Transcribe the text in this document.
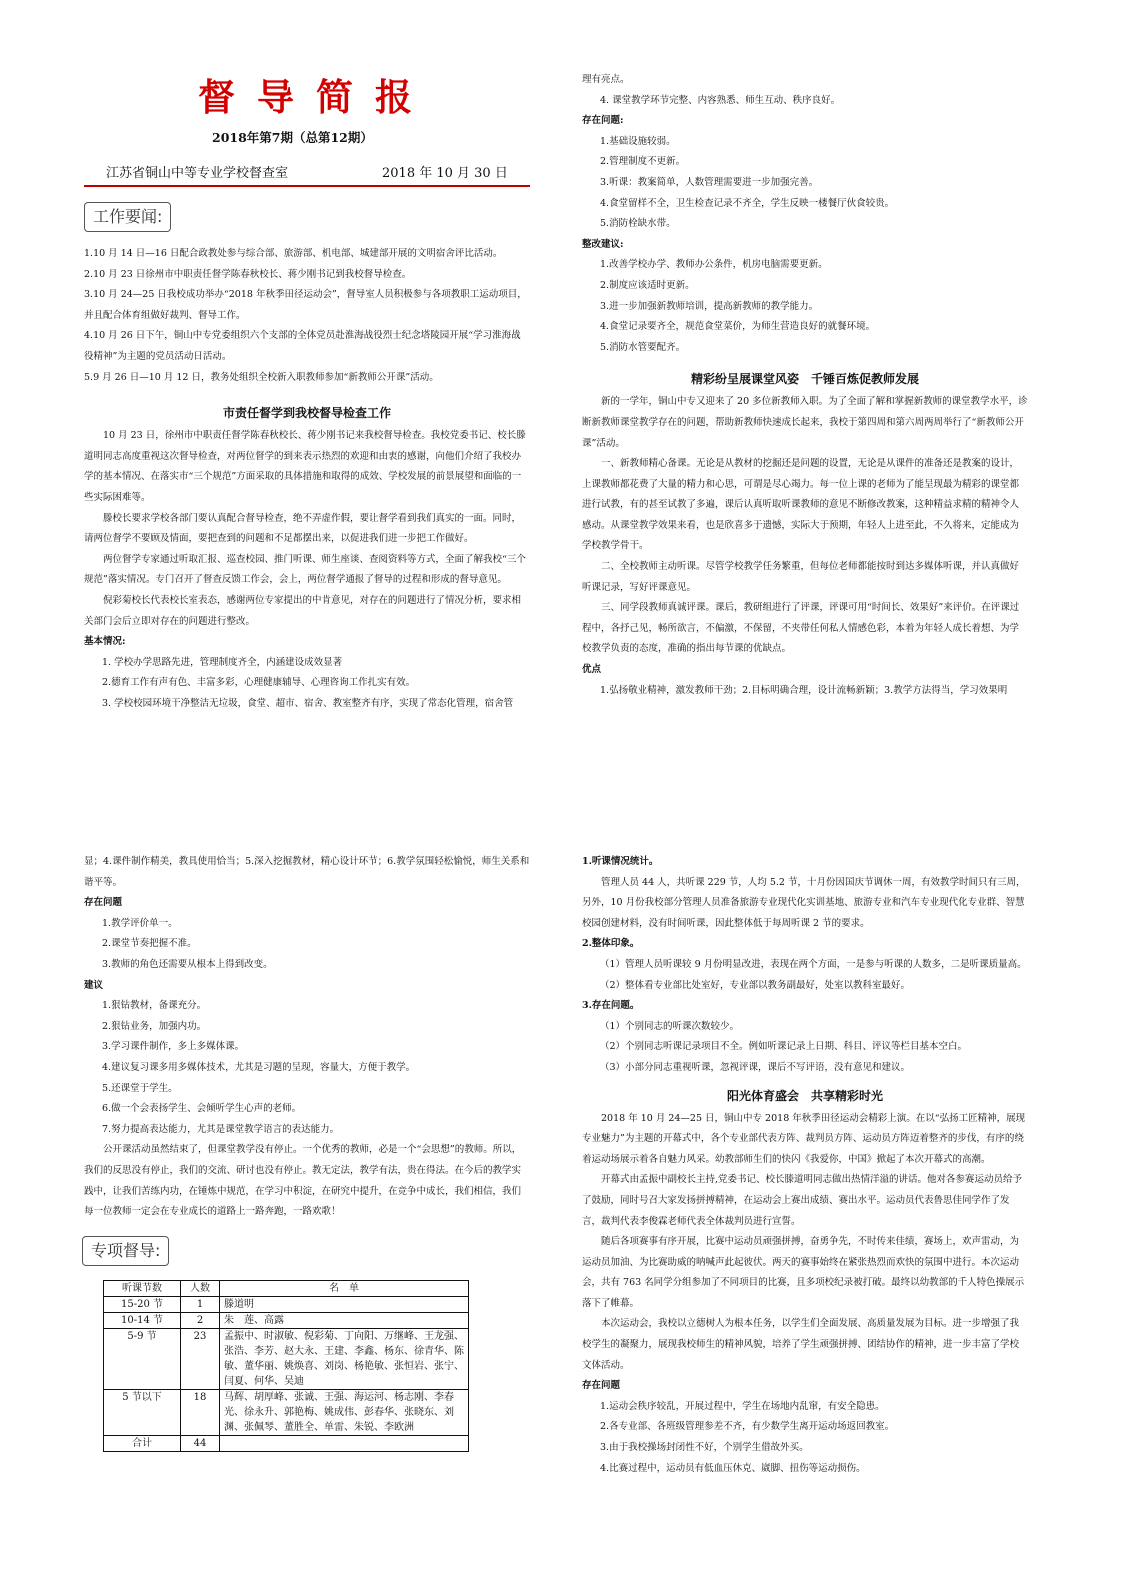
督导简报
2018年第7期（总第12期）
江苏省铜山中等专业学校督查室	2018 年 10 月 30 日
工作要闻:

1.10 月 14 日—16 日配合政教处参与综合部、旅游部、机电部、城建部开展的文明宿舍评比活动。

2.10 月 23 日徐州市中职责任督学陈春秋校长、蒋少刚书记到我校督导检查。

3.10 月 24—25 日我校成功举办“2018 年秋季田径运动会”，督导室人员积极参与各项教职工运动项目，并且配合体育组做好裁判、督导工作。

4.10 月 26 日下午，铜山中专党委组织六个支部的全体党员赴淮海战役烈士纪念塔陵园开展“学习淮海战役精神”为主题的党员活动日活动。

5.9 月 26 日—10 月 12 日，教务处组织全校新入职教师参加“新教师公开课”活动。

市责任督学到我校督导检查工作

10 月 23 日，徐州市中职责任督学陈春秋校长、蒋少刚书记来我校督导检查。我校党委书记、校长滕道明同志高度重视这次督导检查，对两位督学的到来表示热烈的欢迎和由衷的感谢，向他们介绍了我校办学的基本情况、在落实市“三个规范”方面采取的具体措施和取得的成效、学校发展的前景展望和面临的一些实际困难等。

滕校长要求学校各部门要认真配合督导检查，绝不弄虚作假，要让督学看到我们真实的一面。同时，请两位督学不要顾及情面，要把查到的问题和不足都摆出来，以促进我们进一步把工作做好。

两位督学专家通过听取汇报、巡查校园、推门听课、师生座谈、查阅资料等方式，全面了解我校“三个规范”落实情况。专门召开了督查反馈工作会，会上，两位督学通报了督导的过程和形成的督导意见。

倪彩菊校长代表校长室表态，感谢两位专家提出的中肯意见，对存在的问题进行了情况分析，要求相关部门会后立即对存在的问题进行整改。

基本情况:

1. 学校办学思路先进，管理制度齐全，内涵建设成效显著

2.德育工作有声有色、丰富多彩，心理健康辅导、心理咨询工作扎实有效。

3. 学校校园环境干净整洁无垃圾，食堂、超市、宿舍、教室整齐有序，实现了常态化管理，宿舍管

理有亮点。

4. 课堂教学环节完整、内容熟悉、师生互动、秩序良好。

存在问题:

1.基础设施较弱。

2.管理制度不更新。

3.听课：教案简单，人数管理需要进一步加强完善。

4.食堂留样不全，卫生检查记录不齐全，学生反映一楼餐厅伙食较贵。

5.消防栓缺水带。

整改建议:

1.改善学校办学、教师办公条件，机房电脑需要更新。

2.制度应该适时更新。

3.进一步加强新教师培训，提高新教师的教学能力。

4.食堂记录要齐全，规范食堂菜价，为师生营造良好的就餐环境。

5.消防水管要配齐。

精彩纷呈展课堂风姿　千锤百炼促教师发展

新的一学年，铜山中专又迎来了 20 多位新教师入职。为了全面了解和掌握新教师的课堂教学水平，诊断新教师课堂教学存在的问题，帮助新教师快速成长起来，我校于第四周和第六周两周举行了“新教师公开课”活动。

一、新教师精心备课。无论是从教材的挖掘还是问题的设置，无论是从课件的准备还是教案的设计，上课教师都花费了大量的精力和心思，可谓是尽心竭力。每一位上课的老师为了能呈现最为精彩的课堂都进行试教，有的甚至试教了多遍，课后认真听取听课教师的意见不断修改教案，这种精益求精的精神令人感动。从课堂教学效果来看，也是欣喜多于遗憾，实际大于预期，年轻人上进至此，不久将来，定能成为学校教学骨干。

二、全校教师主动听课。尽管学校教学任务繁重，但每位老师都能按时到达多媒体听课，并认真做好听课记录，写好评课意见。

三、同学段教师真诚评课。课后，教研组进行了评课，评课可用“时间长、效果好”来评价。在评课过程中，各抒己见，畅所欲言，不偏激，不保留，不夹带任何私人情感色彩，本着为年轻人成长着想、为学校教学负责的态度，准确的指出每节课的优缺点。

优点

1.弘扬敬业精神，激发教师干劲；2.目标明确合理，设计流畅新颖；3.教学方法得当，学习效果明

显；4.课件制作精美，教具使用恰当；5.深入挖掘教材，精心设计环节；6.教学氛围轻松愉悦，师生关系和谐平等。

存在问题

1.教学评价单一。

2.课堂节奏把握不准。

3.教师的角色还需要从根本上得到改变。

建议

1.狠钻教材，备课充分。

2.狠钻业务，加强内功。

3.学习课件制作，多上多媒体课。

4.建议复习课多用多媒体技术，尤其是习题的呈现，容量大，方便于教学。

5.还课堂于学生。

6.做一个会表扬学生、会倾听学生心声的老师。

7.努力提高表达能力，尤其是课堂教学语言的表达能力。

公开课活动虽然结束了，但课堂教学没有停止。一个优秀的教师，必是一个“会思想”的教师。所以，我们的反思没有停止，我们的交流、研讨也没有停止。教无定法，教学有法，贵在得法。在今后的教学实践中，让我们苦练内功，在锤炼中规范，在学习中积淀，在研究中提升，在竞争中成长，我们相信，我们每一位教师一定会在专业成长的道路上一路奔跑，一路欢歌！

专项督导:
听课节数	人数	名　单
15-20 节	1	滕道明
10-14 节	2	朱　莲、高露
5-9 节	23	孟振中、时淑敏、倪彩菊、丁向阳、万继峰、王龙强、张浩、李芳、赵大永、王建、李鑫、杨东、徐青华、陈敏、董华丽、姚焕喜、刘岗、杨艳敏、张恒岩、张宁、闫夏、何华、吴迪
5 节以下	18	马辉、胡厚峰、张诚、王强、海运河、杨志刚、李春光、徐永升、郭艳梅、姚成伟、彭春华、张晓东、刘渊、张佩琴、董胜全、单雷、朱锐、李欧洲
合计	44	

1.听课情况统计。

管理人员 44 人，共听课 229 节，人均 5.2 节，十月份因国庆节调休一周，有效教学时间只有三周，另外，10 月份我校部分管理人员准备旅游专业现代化实训基地、旅游专业和汽车专业现代化专业群、智慧校园创建材料，没有时间听课，因此整体低于每周听课 2 节的要求。

2.整体印象。

（1）管理人员听课较 9 月份明显改进，表现在两个方面，一是参与听课的人数多，二是听课质量高。

（2）整体看专业部比处室好，专业部以教务副最好，处室以教科室最好。

3.存在问题。

（1）个别同志的听课次数较少。

（2）个别同志听课记录项目不全。例如听课记录上日期、科目、评议等栏目基本空白。

（3）小部分同志重视听课，忽视评课，课后不写评语，没有意见和建议。

阳光体育盛会　共享精彩时光

2018 年 10 月 24—25 日，铜山中专 2018 年秋季田径运动会精彩上演。在以“弘扬工匠精神，展现专业魅力”为主题的开幕式中，各个专业部代表方阵、裁判员方阵、运动员方阵迈着整齐的步伐，有序的绕着运动场展示着各自魅力风采。幼教部师生们的快闪《我爱你，中国》掀起了本次开幕式的高潮。

开幕式由孟振中副校长主持,党委书记、校长滕道明同志做出热情洋溢的讲话。他对各参赛运动员给予了鼓励，同时号召大家发扬拼搏精神，在运动会上赛出成绩、赛出水平。运动员代表鲁思佳同学作了发言，裁判代表李俊霖老师代表全体裁判员进行宣誓。

随后各项赛事有序开展，比赛中运动员顽强拼搏，奋勇争先，不时传来佳绩，赛场上，欢声雷动，为运动员加油、为比赛助威的呐喊声此起彼伏。两天的赛事始终在紧张热烈而欢快的氛围中进行。本次运动会，共有 763 名同学分组参加了不同项目的比赛，且多项校纪录被打破。最终以幼教部的千人特色操展示落下了帷幕。

本次运动会，我校以立德树人为根本任务，以学生们全面发展、高质量发展为目标。进一步增强了我校学生的凝聚力，展现我校师生的精神风貌，培养了学生顽强拼搏、团结协作的精神，进一步丰富了学校文体活动。

存在问题

1.运动会秩序较乱，开展过程中，学生在场地内乱窜，有安全隐患。

2.各专业部、各班级管理参差不齐，有少数学生离开运动场返回教室。

3.由于我校操场封闭性不好，个别学生借故外买。

4.比赛过程中，运动员有低血压休克、崴脚、扭伤等运动损伤。
